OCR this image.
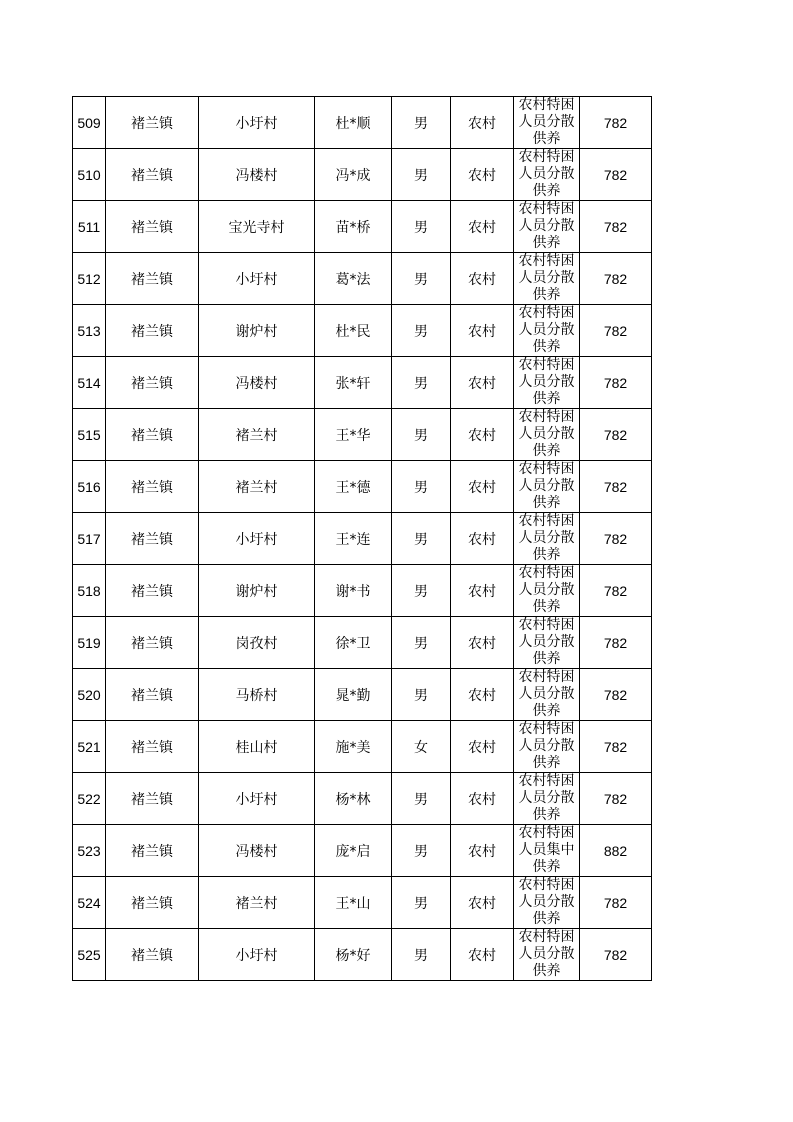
509	褚兰镇	小圩村	杜*顺	男	农村	农村特困人员分散供养	782
510	褚兰镇	冯楼村	冯*成	男	农村	农村特困人员分散供养	782
511	褚兰镇	宝光寺村	苗*桥	男	农村	农村特困人员分散供养	782
512	褚兰镇	小圩村	葛*法	男	农村	农村特困人员分散供养	782
513	褚兰镇	谢炉村	杜*民	男	农村	农村特困人员分散供养	782
514	褚兰镇	冯楼村	张*轩	男	农村	农村特困人员分散供养	782
515	褚兰镇	褚兰村	王*华	男	农村	农村特困人员分散供养	782
516	褚兰镇	褚兰村	王*德	男	农村	农村特困人员分散供养	782
517	褚兰镇	小圩村	王*连	男	农村	农村特困人员分散供养	782
518	褚兰镇	谢炉村	谢*书	男	农村	农村特困人员分散供养	782
519	褚兰镇	岗孜村	徐*卫	男	农村	农村特困人员分散供养	782
520	褚兰镇	马桥村	晁*勤	男	农村	农村特困人员分散供养	782
521	褚兰镇	桂山村	施*美	女	农村	农村特困人员分散供养	782
522	褚兰镇	小圩村	杨*林	男	农村	农村特困人员分散供养	782
523	褚兰镇	冯楼村	庞*启	男	农村	农村特困人员集中供养	882
524	褚兰镇	褚兰村	王*山	男	农村	农村特困人员分散供养	782
525	褚兰镇	小圩村	杨*好	男	农村	农村特困人员分散供养	782
